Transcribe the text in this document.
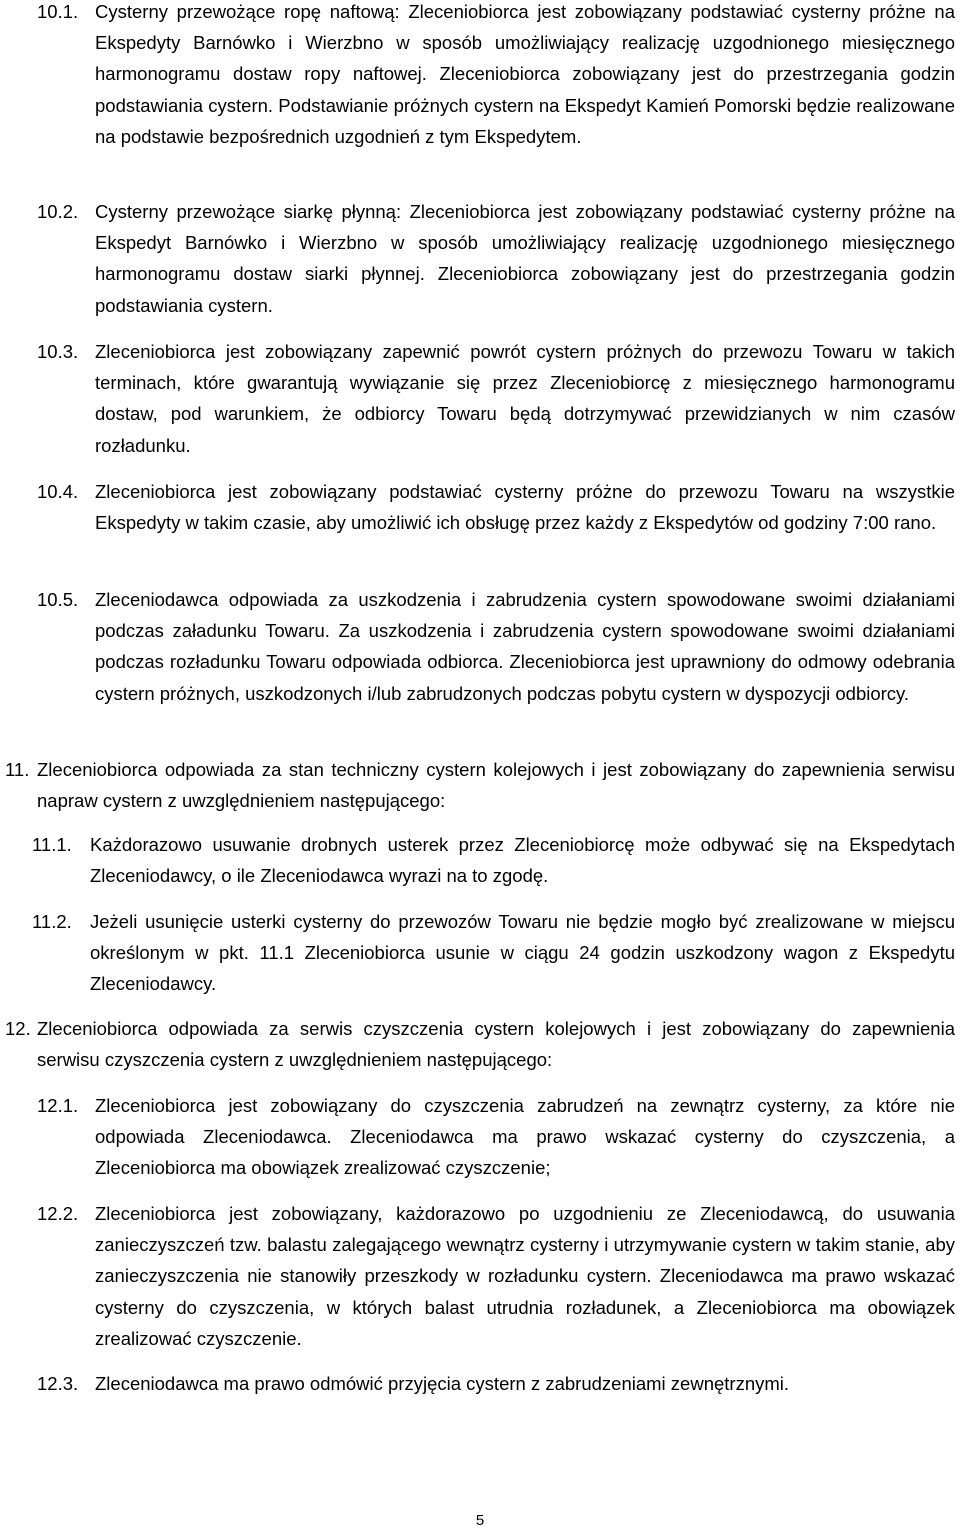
10.1. Cysterny przewożące ropę naftową: Zleceniobiorca jest zobowiązany podstawiać cysterny próżne na Ekspedyty Barnówko i Wierzbno w sposób umożliwiający realizację uzgodnionego miesięcznego harmonogramu dostaw ropy naftowej. Zleceniobiorca zobowiązany jest do przestrzegania godzin podstawiania cystern. Podstawianie próżnych cystern na Ekspedyt Kamień Pomorski będzie realizowane na podstawie bezpośrednich uzgodnień z tym Ekspedytem.
10.2. Cysterny przewożące siarkę płynną: Zleceniobiorca jest zobowiązany podstawiać cysterny próżne na Ekspedyt Barnówko i Wierzbno w sposób umożliwiający realizację uzgodnionego miesięcznego harmonogramu dostaw siarki płynnej. Zleceniobiorca zobowiązany jest do przestrzegania godzin podstawiania cystern.
10.3. Zleceniobiorca jest zobowiązany zapewnić powrót cystern próżnych do przewozu Towaru w takich terminach, które gwarantują wywiązanie się przez Zleceniobiorcę z miesięcznego harmonogramu dostaw, pod warunkiem, że odbiorcy Towaru będą dotrzymywać przewidzianych w nim czasów rozładunku.
10.4. Zleceniobiorca jest zobowiązany podstawiać cysterny próżne do przewozu Towaru na wszystkie Ekspedyty w takim czasie, aby umożliwić ich obsługę przez każdy z Ekspedytów od godziny 7:00 rano.
10.5. Zleceniodawca odpowiada za uszkodzenia i zabrudzenia cystern spowodowane swoimi działaniami podczas załadunku Towaru. Za uszkodzenia i zabrudzenia cystern spowodowane swoimi działaniami podczas rozładunku Towaru odpowiada odbiorca. Zleceniobiorca jest uprawniony do odmowy odebrania cystern próżnych, uszkodzonych i/lub zabrudzonych podczas pobytu cystern w dyspozycji odbiorcy.
11. Zleceniobiorca odpowiada za stan techniczny cystern kolejowych i jest zobowiązany do zapewnienia serwisu napraw cystern z uwzględnieniem następującego:
11.1. Każdorazowo usuwanie drobnych usterek przez Zleceniobiorcę może odbywać się na Ekspedytach Zleceniodawcy, o ile Zleceniodawca wyrazi na to zgodę.
11.2. Jeżeli usunięcie usterki cysterny do przewozów Towaru nie będzie mogło być zrealizowane w miejscu określonym w pkt. 11.1 Zleceniobiorca usunie w ciągu 24 godzin uszkodzony wagon z Ekspedytu Zleceniodawcy.
12. Zleceniobiorca odpowiada za serwis czyszczenia cystern kolejowych i jest zobowiązany do zapewnienia serwisu czyszczenia cystern z uwzględnieniem następującego:
12.1. Zleceniobiorca jest zobowiązany do czyszczenia zabrudzeń na zewnątrz cysterny, za które nie odpowiada Zleceniodawca. Zleceniodawca ma prawo wskazać cysterny do czyszczenia, a Zleceniobiorca ma obowiązek zrealizować czyszczenie;
12.2. Zleceniobiorca jest zobowiązany, każdorazowo po uzgodnieniu ze Zleceniodawcą, do usuwania zanieczyszczeń tzw. balastu zalegającego wewnątrz cysterny i utrzymywanie cystern w takim stanie, aby zanieczyszczenia nie stanowiły przeszkody w rozładunku cystern. Zleceniodawca ma prawo wskazać cysterny do czyszczenia, w których balast utrudnia rozładunek, a Zleceniobiorca ma obowiązek zrealizować czyszczenie.
12.3. Zleceniodawca ma prawo odmówić przyjęcia cystern z zabrudzeniami zewnętrznymi.
5
